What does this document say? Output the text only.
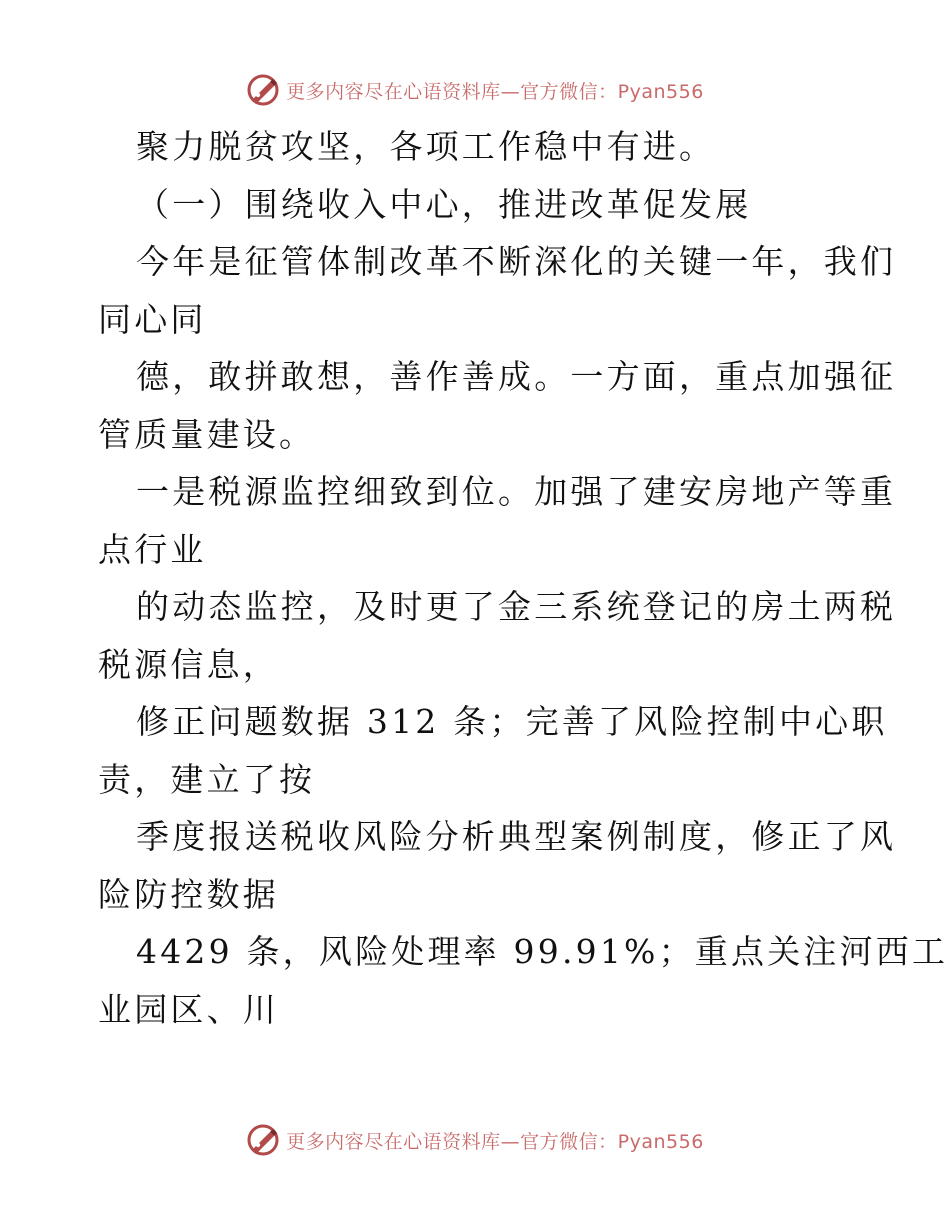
更多内容尽在心语资料库—官方微信：Pyan556
聚力脱贫攻坚，各项工作稳中有进。
（一）围绕收入中心，推进改革促发展
今年是征管体制改革不断深化的关键一年，我们
同心同
德，敢拼敢想，善作善成。一方面，重点加强征
管质量建设。
一是税源监控细致到位。加强了建安房地产等重
点行业
的动态监控，及时更了金三系统登记的房土两税
税源信息，
修正问题数据 312 条；完善了风险控制中心职
责，建立了按
季度报送税收风险分析典型案例制度，修正了风
险防控数据
4429 条，风险处理率 99.91%；重点关注河西工
业园区、川
更多内容尽在心语资料库—官方微信：Pyan556
